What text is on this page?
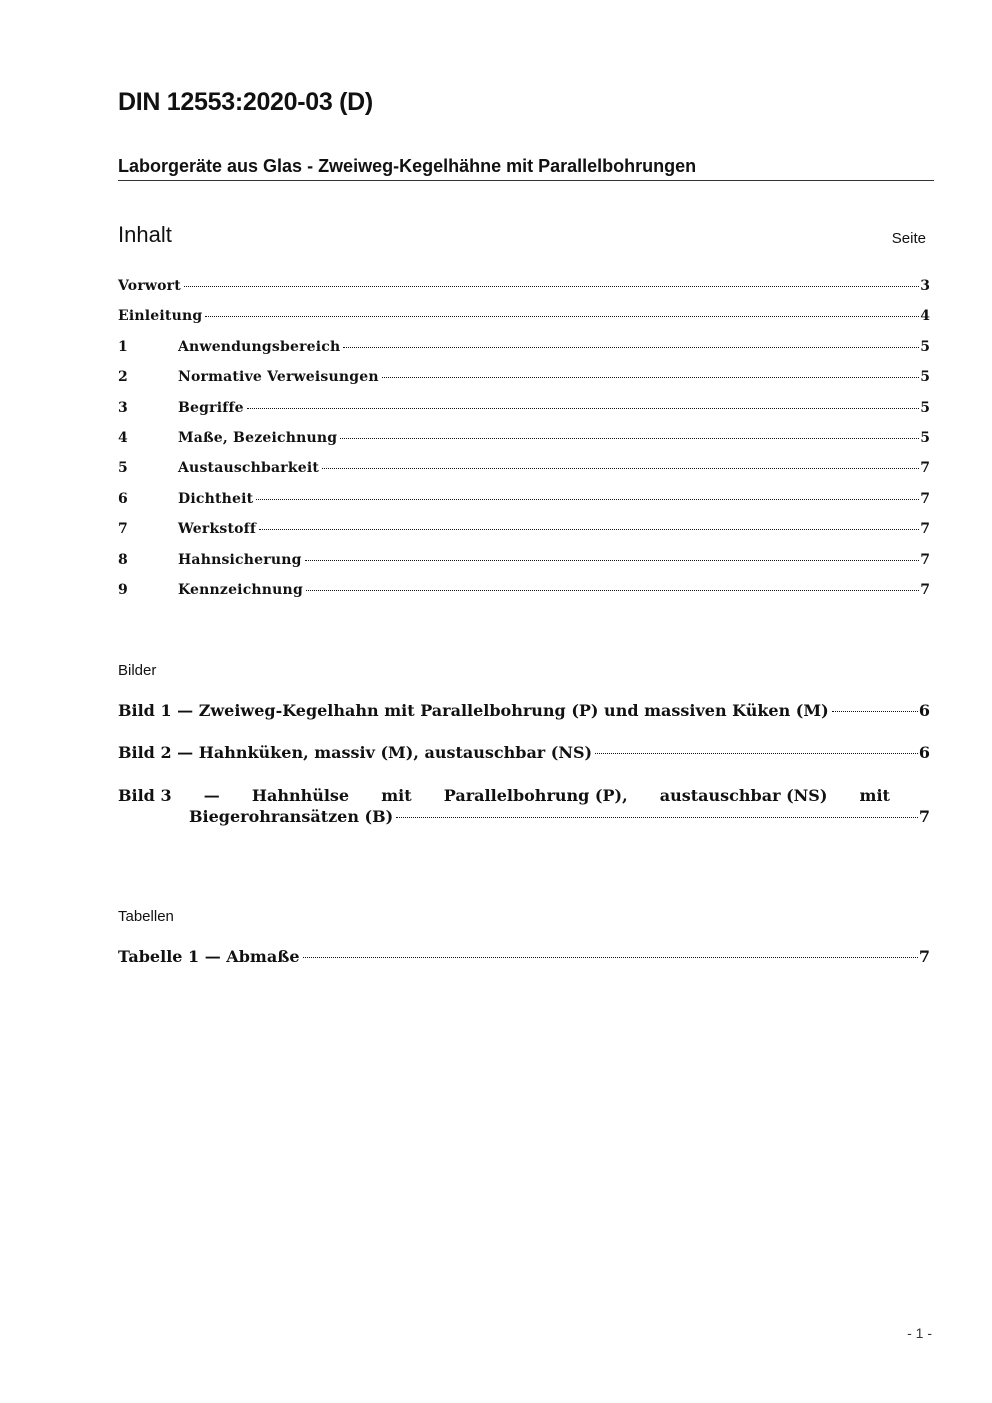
DIN 12553:2020-03 (D)
Laborgeräte aus Glas - Zweiweg-Kegelhähne mit Parallelbohrungen
Inhalt	Seite
Vorwort	3
Einleitung	4
1	Anwendungsbereich	5
2	Normative Verweisungen	5
3	Begriffe	5
4	Maße, Bezeichnung	5
5	Austauschbarkeit	7
6	Dichtheit	7
7	Werkstoff	7
8	Hahnsicherung	7
9	Kennzeichnung	7
Bilder
Bild 1 — Zweiweg-Kegelhahn mit Parallelbohrung (P) und massiven Küken (M)	6
Bild 2 — Hahnküken, massiv (M), austauschbar (NS)	6
Bild 3 — Hahnhülse mit Parallelbohrung (P), austauschbar (NS) mit
Biegerohransätzen (B)	7
Tabellen
Tabelle 1 — Abmaße	7
- 1 -
